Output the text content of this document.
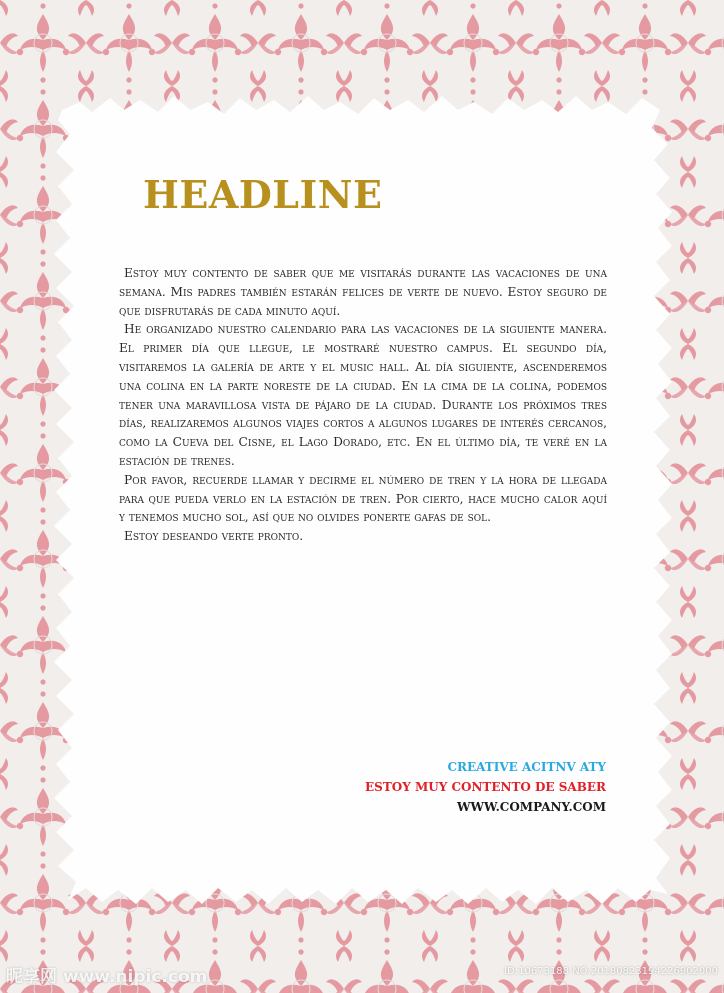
HEADLINE

Estoy muy contento de saber que me visitarás durante las vacaciones de una semana. Mis padres también estarán felices de verte de nuevo. Estoy seguro de que disfrutarás de cada minuto aquí.

He organizado nuestro calendario para las vacaciones de la siguiente manera. El primer día que llegue, le mostraré nuestro campus. El segundo día, visitaremos la galería de arte y el music hall. Al día siguiente, ascenderemos una colina en la parte noreste de la ciudad. En la cima de la colina, podemos tener una maravillosa vista de pájaro de la ciudad. Durante los próximos tres días, realizaremos algunos viajes cortos a algunos lugares de interés cercanos, como la Cueva del Cisne, el Lago Dorado, etc. En el último día, te veré en la estación de trenes.

Por favor, recuerde llamar y decirme el número de tren y la hora de llegada para que pueda verlo en la estación de tren. Por cierto, hace mucho calor aquí y tenemos mucho sol, así que no olvides ponerte gafas de sol.

Estoy deseando verte pronto.

CREATIVE ACITNV ATY
ESTOY MUY CONTENTO DE SABER
WWW.COMPANY.COM
昵享网 www.nipic.com	ID:10673188 NO:20180823194226902000
